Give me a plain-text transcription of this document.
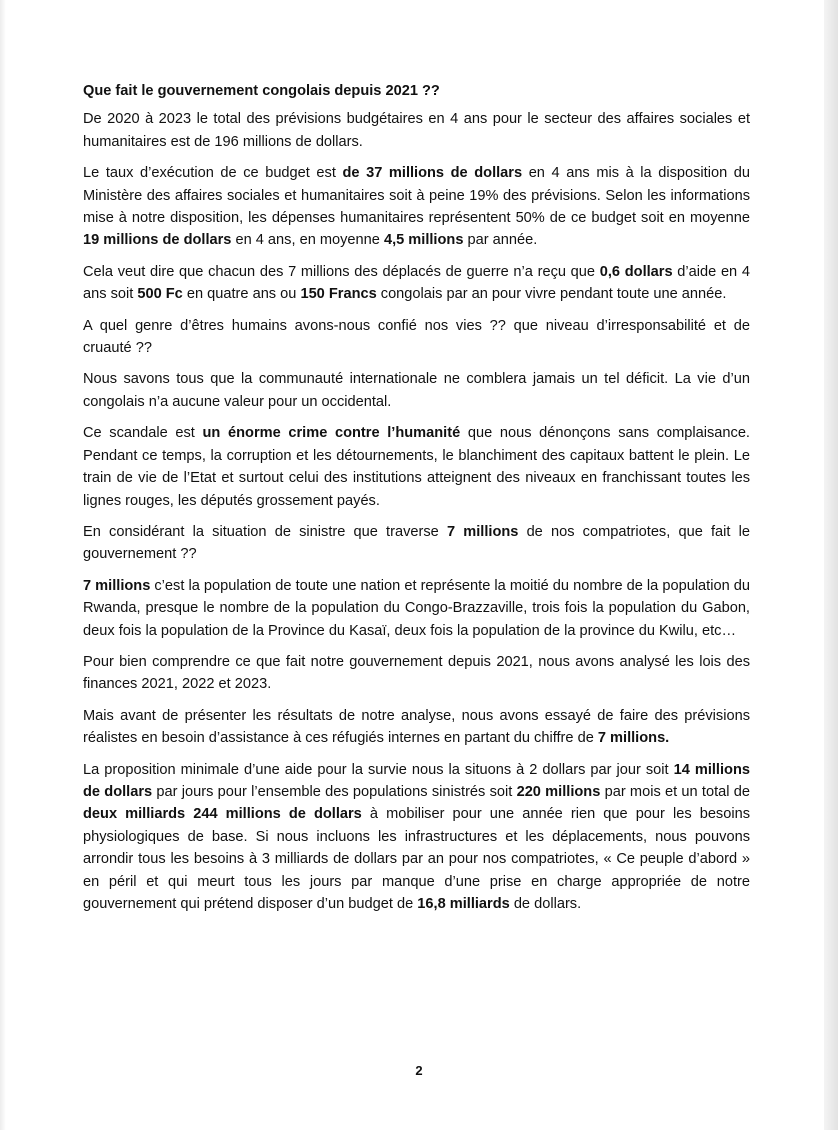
Que fait le gouvernement congolais depuis 2021 ??

De 2020 à 2023 le total des prévisions budgétaires en 4 ans pour le secteur des affaires sociales et humanitaires est de 196 millions de dollars.

Le taux d’exécution de ce budget est de 37 millions de dollars en 4 ans mis à la disposition du Ministère des affaires sociales et humanitaires soit à peine 19% des prévisions. Selon les informations mise à notre disposition, les dépenses humanitaires représentent 50% de ce budget soit en moyenne 19 millions de dollars en 4 ans, en moyenne 4,5 millions par année.

Cela veut dire que chacun des 7 millions des déplacés de guerre n’a reçu que 0,6 dollars d’aide en 4 ans soit 500 Fc en quatre ans ou 150 Francs congolais par an pour vivre pendant toute une année.

A quel genre d’êtres humains avons-nous confié nos vies ?? que niveau d’irresponsabilité et de cruauté ??

Nous savons tous que la communauté internationale ne comblera jamais un tel déficit. La vie d’un congolais n’a aucune valeur pour un occidental.

Ce scandale est un énorme crime contre l’humanité que nous dénonçons sans complaisance. Pendant ce temps, la corruption et les détournements, le blanchiment des capitaux battent le plein. Le train de vie de l’Etat et surtout celui des institutions atteignent des niveaux en franchissant toutes les lignes rouges, les députés grossement payés.

En considérant la situation de sinistre que traverse 7 millions de nos compatriotes, que fait le gouvernement ??

7 millions c’est la population de toute une nation et représente la moitié du nombre de la population du Rwanda, presque le nombre de la population du Congo-Brazzaville, trois fois la population du Gabon, deux fois la population de la Province du Kasaï, deux fois la population de la province du Kwilu, etc…

Pour bien comprendre ce que fait notre gouvernement depuis 2021, nous avons analysé les lois des finances 2021, 2022 et 2023.

Mais avant de présenter les résultats de notre analyse, nous avons essayé de faire des prévisions réalistes en besoin d’assistance à ces réfugiés internes en partant du chiffre de 7 millions.

La proposition minimale d’une aide pour la survie nous la situons à 2 dollars par jour soit 14 millions de dollars par jours pour l’ensemble des populations sinistrés soit 220 millions par mois et un total de deux milliards 244 millions de dollars à mobiliser pour une année rien que pour les besoins physiologiques de base. Si nous incluons les infrastructures et les déplacements, nous pouvons arrondir tous les besoins à 3 milliards de dollars par an pour nos compatriotes, « Ce peuple d’abord » en péril et qui meurt tous les jours par manque d’une prise en charge appropriée de notre gouvernement qui prétend disposer d’un budget de 16,8 milliards de dollars.

2
